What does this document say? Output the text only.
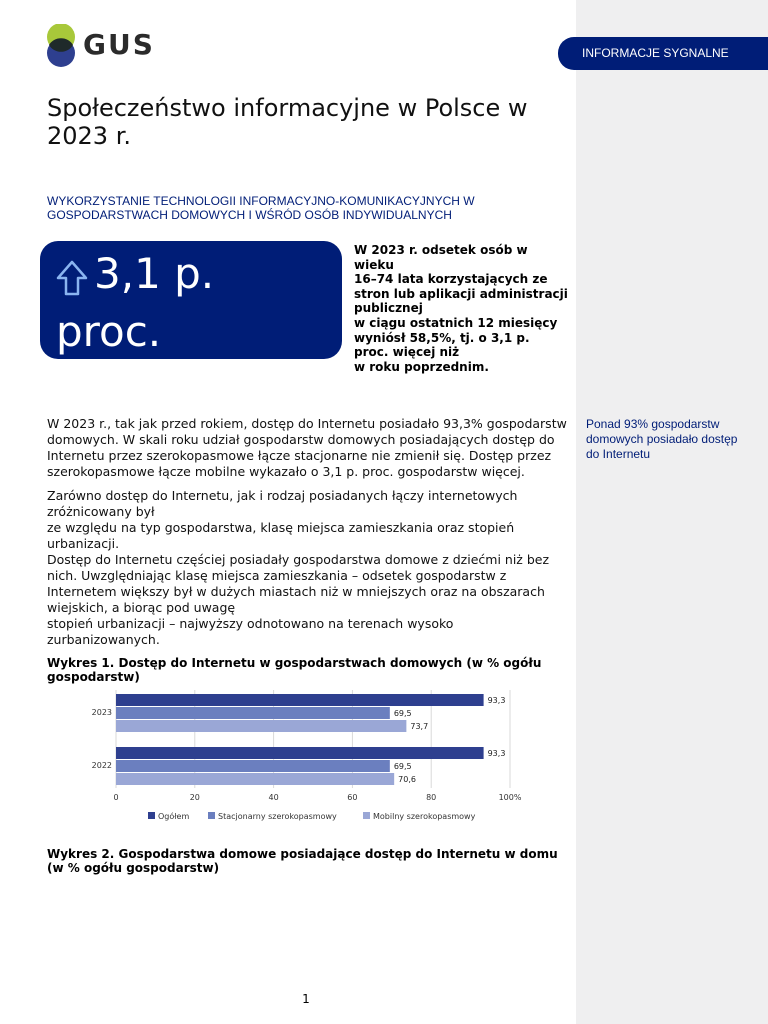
INFORMACJE SYGNALNE
GUS
Społeczeństwo informacyjne w Polsce w 2023 r.
WYKORZYSTANIE TECHNOLOGII INFORMACYJNO-KOMUNIKACYJNYCH W GOSPODARSTWACH DOMOWYCH I WŚRÓD OSÓB INDYWIDUALNYCH
3,1 p. proc.
W 2023 r. odsetek osób w wieku
16–74 lata korzystających ze stron lub aplikacji administracji publicznej
w ciągu ostatnich 12 miesięcy wyniósł 58,5%, tj. o 3,1 p. proc. więcej niż
w roku poprzednim.

W 2023 r., tak jak przed rokiem, dostęp do Internetu posiadało 93,3% gospodarstw domowych. W skali roku udział gospodarstw domowych posiadających dostęp do Internetu przez szerokopasmowe łącze stacjonarne nie zmienił się. Dostęp przez szerokopasmowe łącze mobilne wykazało o 3,1 p. proc. gospodarstw więcej.

Zarówno dostęp do Internetu, jak i rodzaj posiadanych łączy internetowych zróżnicowany był
ze względu na typ gospodarstwa, klasę miejsca zamieszkania oraz stopień urbanizacji.
Dostęp do Internetu częściej posiadały gospodarstwa domowe z dziećmi niż bez nich. Uwzględniając klasę miejsca zamieszkania – odsetek gospodarstw z Internetem większy był w dużych miastach niż w mniejszych oraz na obszarach wiejskich, a biorąc pod uwagę
stopień urbanizacji – najwyższy odnotowano na terenach wysoko zurbanizowanych.

Ponad 93% gospodarstw domowych posiadało dostęp do Internetu
Wykres 1. Dostęp do Internetu w gospodarstwach domowych (w % ogółu gospodarstw)
0	20	40	60	80	100%
2023
93,3
69,5
73,7
2022
93,3
69,5
70,6
Ogółem	Stacjonarny szerokopasmowy	Mobilny szerokopasmowy
Wykres 2. Gospodarstwa domowe posiadające dostęp do Internetu w domu
(w % ogółu gospodarstw)
1
